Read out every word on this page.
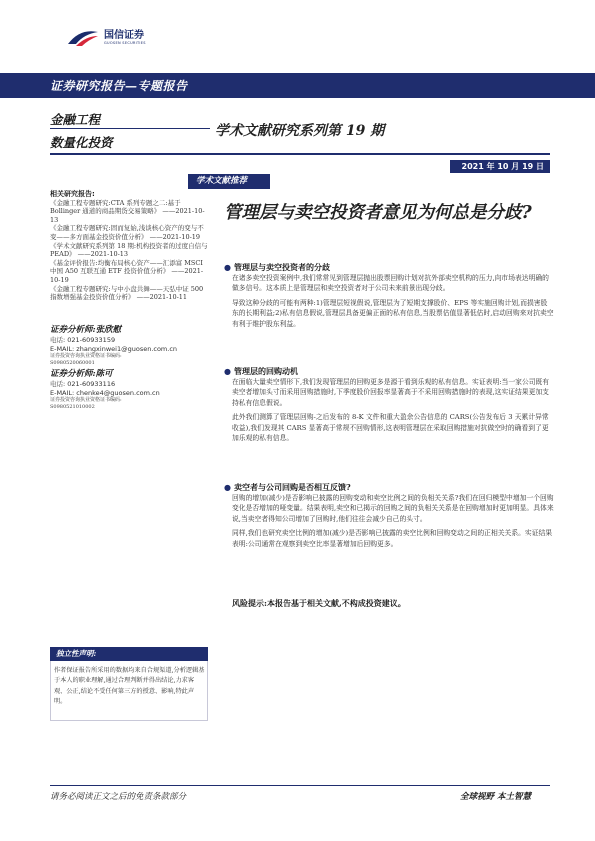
国信证券
GUOSEN SECURITIES
证券研究报告—专题报告
金融工程
数量化投资
学术文献研究系列第 19 期
2021 年 10 月 19 日
学术文献推荐
管理层与卖空投资者意见为何总是分歧?
相关研究报告:
《金融工程专题研究:CTA 系列专题之二:基于 Bollinger 通道的商品期货交易策略》 ——2021-10-13
《金融工程专题研究:固而复始,浅谈核心资产的变与不变——多方面基金投资价值分析》 ——2021-10-19
《学术文献研究系列第 18 期:机构投资者的过度自信与 PEAD》 ——2021-10-13
《基金评价报告:均衡布局核心资产——汇添富 MSCI 中国 A50 互联互通 ETF 投资价值分析》 ——2021-10-19
《金融工程专题研究:与中小盘共舞——天弘中证 500 指数增强基金投资价值分析》 ——2021-10-11
证券分析师:张欣慰
电话: 021-60933159
E-MAIL: zhangxinwei1@guosen.com.cn
证券投资咨询执业资格证书编码:
S0980520060001
证券分析师:陈可
电话: 021-60933116
E-MAIL: chenke4@guosen.com.cn
证券投资咨询执业资格证书编码:
S0980521010002
● 管理层与卖空投资者的分歧
在诸多卖空投资案例中,我们常常见到管理层抛出股票回购计划对抗外部卖空机构的压力,向市场表达明确的做多信号。这本质上是管理层和卖空投资者对于公司未来前景出现分歧。
导致这种分歧的可能有两种:1)管理层短视假说,管理层为了短期支撑股价、EPS 等实施回购计划,而损害股东的长期利益;2)私有信息假说,管理层具备更偏正面的私有信息,当股票估值显著低估时,启动回购来对抗卖空有利于维护股东利益。
● 管理层的回购动机
在面临大量卖空情形下,我们发现管理层的回购更多是源于看到乐观的私有信息。实证表明:当一家公司既有卖空者增加头寸而采用回购措施时,下季度股价回报率显著高于不采用回购措施时的表现,这实证结果更加支持私有信息假说。
此外我们测算了管理层回购-之后发布的 8-K 文件和重大盈余公告信息的 CARS(公告发布后 3 天累计异常收益),我们发现其 CARS 显著高于常规不回购情形,这表明管理层在采取回购措施对抗做空时的确看到了更加乐观的私有信息。
● 卖空者与公司回购是否相互反馈?
回购的增加(减少)是否影响已披露的回购变动和卖空比例之间的负相关关系?我们在回归模型中增加一个回购变化是否增加的哑变量。结果表明,卖空和已揭示的回购之间的负相关关系是在回购增加时更加明显。具体来说,当卖空者得知公司增加了回购时,他们往往会减少自己的头寸。
同样,我们也研究卖空比例的增加(减少)是否影响已披露的卖空比例和回购变动之间的正相关关系。实证结果表明:公司通常在观察到卖空比率显著增加后回购更多。
风险提示:本报告基于相关文献,不构成投资建议。
独立性声明:
作者保证报告所采用的数据均来自合规渠道,分析逻辑基于本人的职业理解,通过合理判断并得出结论,力求客观、公正,结论不受任何第三方的授意、影响,特此声明。
请务必阅读正文之后的免责条款部分	全球视野 本土智慧
